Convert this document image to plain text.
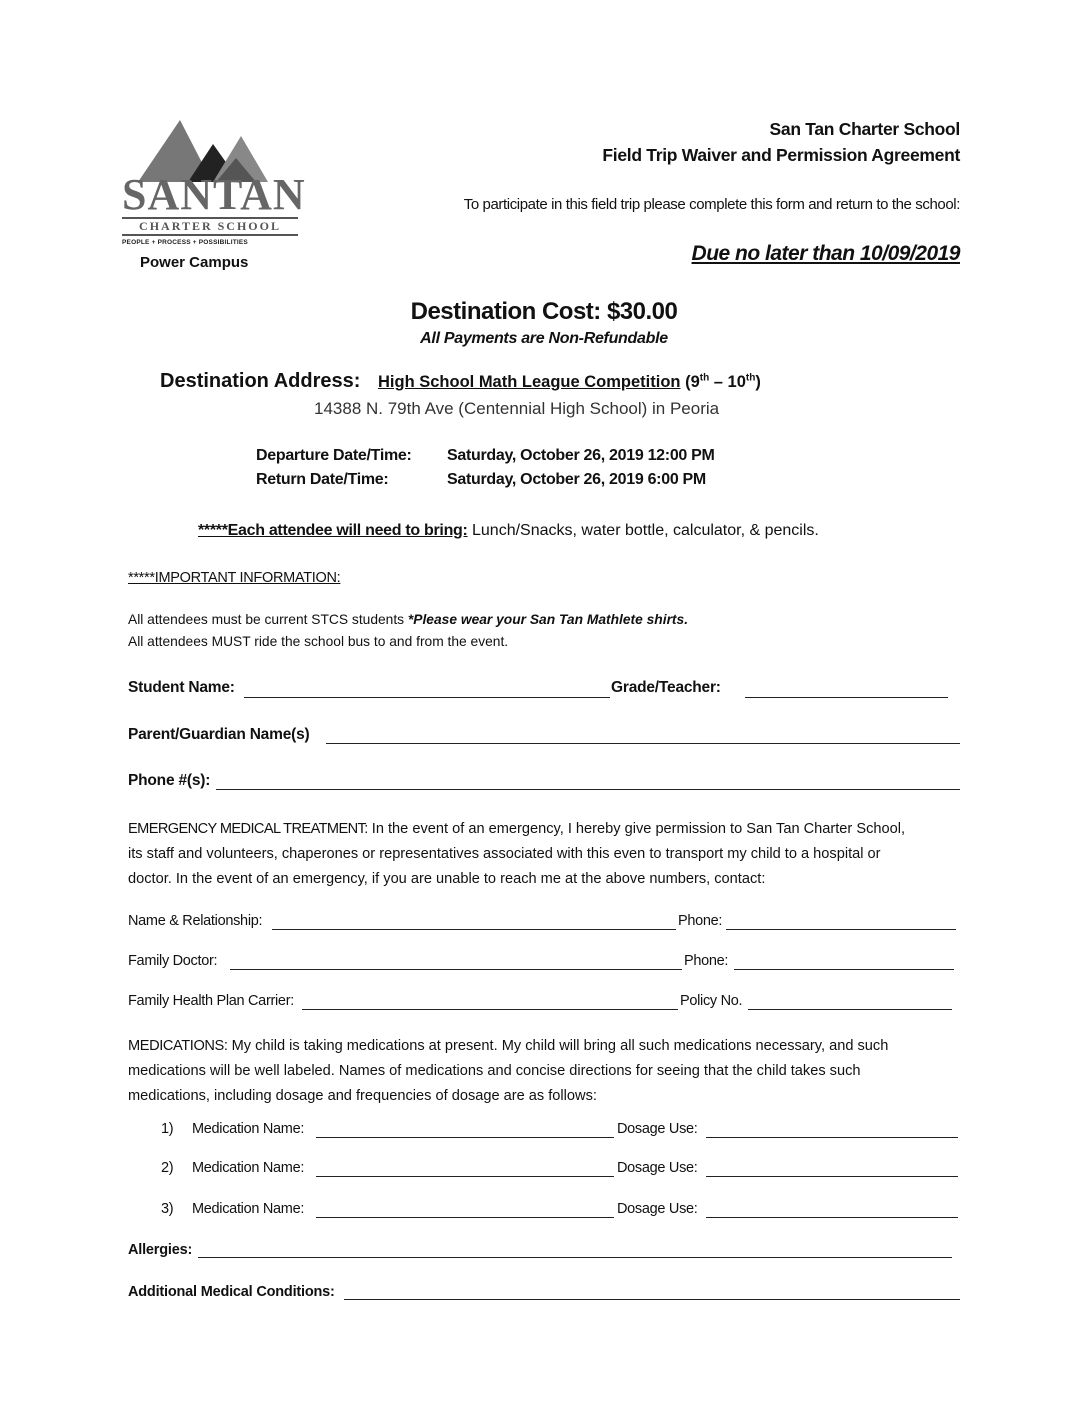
SANTAN
CHARTER SCHOOL
PEOPLE + PROCESS + POSSIBILITIES
Power Campus
San Tan Charter School
Field Trip Waiver and Permission Agreement
To participate in this field trip please complete this form and return to the school:
Due no later than 10/09/2019
Destination Cost: $30.00
All Payments are Non-Refundable
Destination Address: High School Math League Competition (9th – 10th)
14388 N. 79th Ave (Centennial High School) in Peoria
Departure Date/Time: Saturday, October 26, 2019 12:00 PM
Return Date/Time:	Saturday, October 26, 2019 6:00 PM
*****Each attendee will need to bring: Lunch/Snacks, water bottle, calculator, & pencils.
*****IMPORTANT INFORMATION:
All attendees must be current STCS students *Please wear your San Tan Mathlete shirts.
All attendees MUST ride the school bus to and from the event.
Student Name:	Grade/Teacher:
Parent/Guardian Name(s)
Phone #(s):
EMERGENCY MEDICAL TREATMENT: In the event of an emergency, I hereby give permission to San Tan Charter School,
its staff and volunteers, chaperones or representatives associated with this even to transport my child to a hospital or
doctor. In the event of an emergency, if you are unable to reach me at the above numbers, contact:
Name & Relationship:	Phone:
Family Doctor:	Phone:
Family Health Plan Carrier:	Policy No.
MEDICATIONS: My child is taking medications at present. My child will bring all such medications necessary, and such
medications will be well labeled. Names of medications and concise directions for seeing that the child takes such
medications, including dosage and frequencies of dosage are as follows:
1) Medication Name:	Dosage Use:
2) Medication Name:	Dosage Use:
3) Medication Name:	Dosage Use:
Allergies:
Additional Medical Conditions:
